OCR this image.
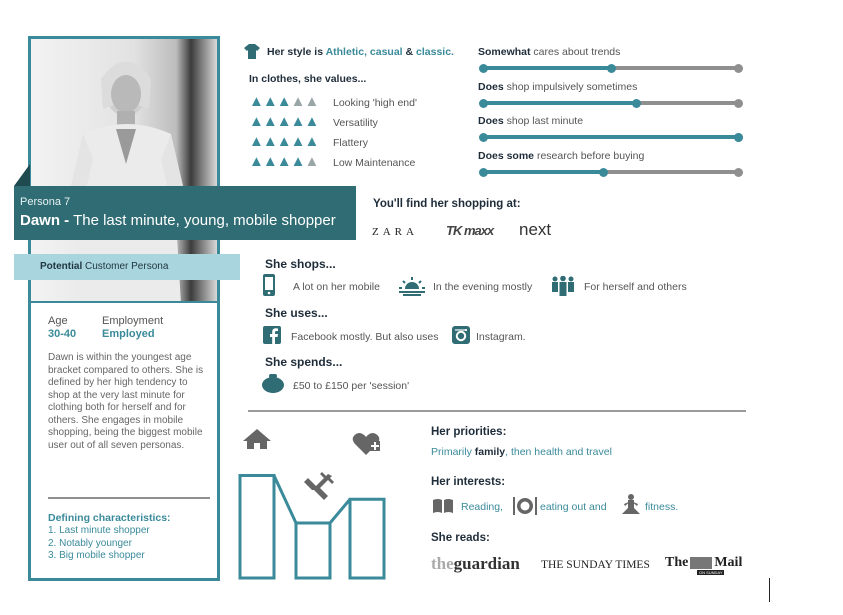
Persona 7
Dawn - The last minute, young, mobile shopper
Potential Customer Persona
Age
30-40
Employment
Employed
Dawn is within the youngest age bracket compared to others. She is defined by her high tendency to shop at the very last minute for clothing both for herself and for others. She engages in mobile shopping, being the biggest mobile user out of all seven personas.
Defining characteristics:
1. Last minute shopper
2. Notably younger
3. Big mobile shopper
Her style is Athletic, casual & classic.
In clothes, she values...
▲▲▲▲▲ Looking 'high end'
▲▲▲▲▲ Versatility
▲▲▲▲▲ Flattery
▲▲▲▲▲ Low Maintenance
Somewhat cares about trends
Does shop impulsively sometimes
Does shop last minute
Does some research before buying
You'll find her shopping at:
ZARA TK maxx next
She shops...
A lot on her mobile	In the evening mostly	For herself and others
She uses...
Facebook mostly. But also uses	Instagram.
She spends...
£50 to £150 per 'session'
Her priorities:
Primarily family, then health and travel
Her interests:
Reading,	eating out and	fitness.
She reads:
theguardian THE SUNDAY TIMES The Mail
ON SUNDAY
